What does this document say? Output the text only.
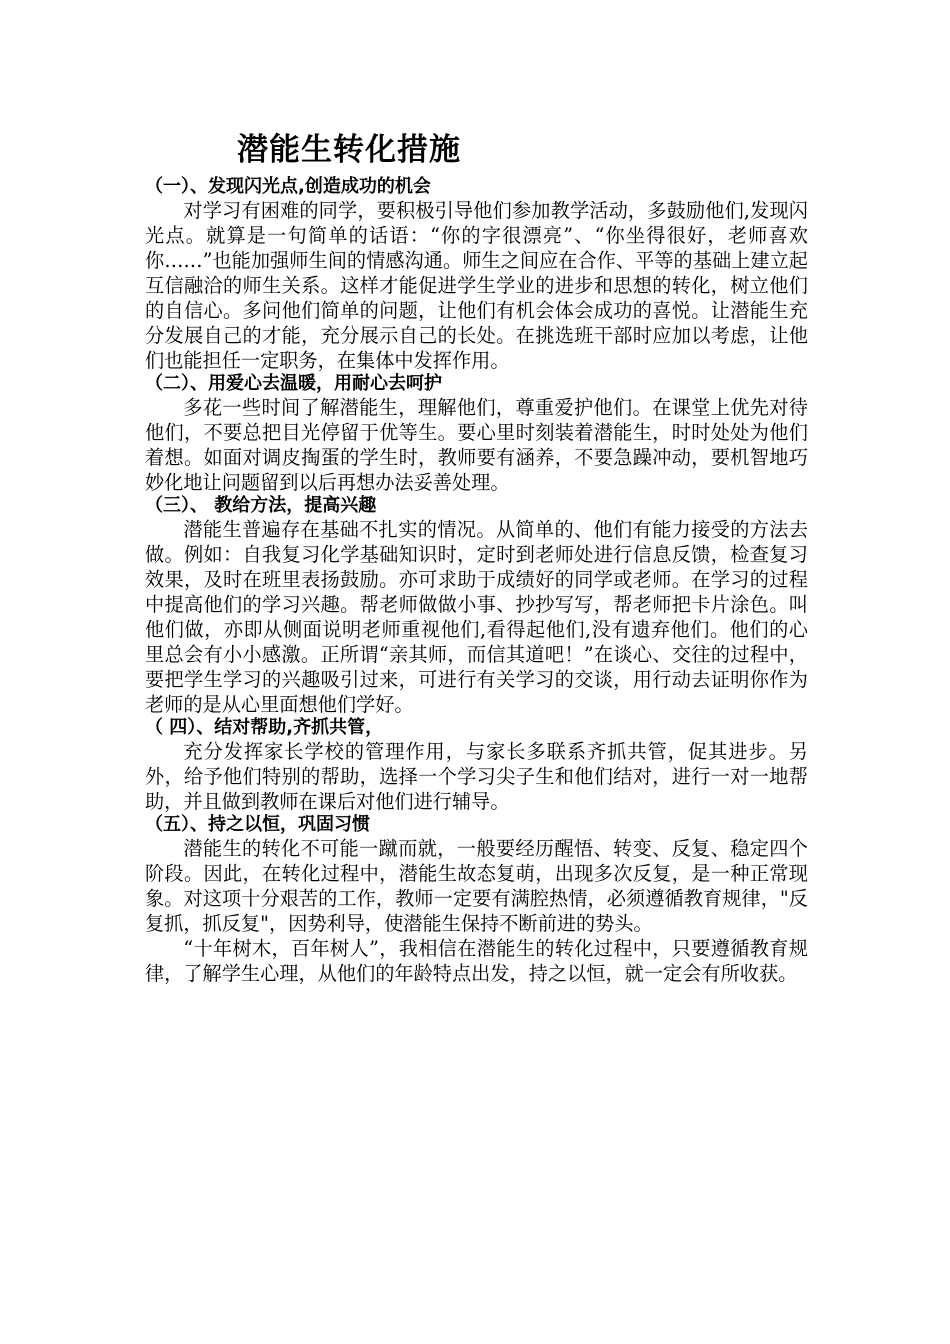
潜能生转化措施
（一）、发现闪光点,创造成功的机会

对学习有困难的同学，要积极引导他们参加教学活动，多鼓励他们,发现闪光点。就算是一句简单的话语：“你的字很漂亮”、“你坐得很好，老师喜欢你……”也能加强师生间的情感沟通。师生之间应在合作、平等的基础上建立起互信融洽的师生关系。这样才能促进学生学业的进步和思想的转化，树立他们的自信心。多问他们简单的问题，让他们有机会体会成功的喜悦。让潜能生充分发展自己的才能，充分展示自己的长处。在挑选班干部时应加以考虑，让他们也能担任一定职务，在集体中发挥作用。

（二）、用爱心去温暖，用耐心去呵护

多花一些时间了解潜能生，理解他们，尊重爱护他们。在课堂上优先对待他们，不要总把目光停留于优等生。要心里时刻装着潜能生，时时处处为他们着想。如面对调皮掏蛋的学生时，教师要有涵养，不要急躁冲动，要机智地巧妙化地让问题留到以后再想办法妥善处理。

（三）、 教给方法，提高兴趣

潜能生普遍存在基础不扎实的情况。从简单的、他们有能力接受的方法去做。例如：自我复习化学基础知识时，定时到老师处进行信息反馈，检查复习效果，及时在班里表扬鼓励。亦可求助于成绩好的同学或老师。在学习的过程中提高他们的学习兴趣。帮老师做做小事、抄抄写写，帮老师把卡片涂色。叫他们做，亦即从侧面说明老师重视他们,看得起他们,没有遗弃他们。他们的心里总会有小小感激。正所谓“亲其师，而信其道吧！”在谈心、交往的过程中，要把学生学习的兴趣吸引过来，可进行有关学习的交谈，用行动去证明你作为老师的是从心里面想他们学好。

（ 四）、结对帮助,齐抓共管，

充分发挥家长学校的管理作用，与家长多联系齐抓共管，促其进步。另外，给予他们特别的帮助，选择一个学习尖子生和他们结对，进行一对一地帮助，并且做到教师在课后对他们进行辅导。

（五）、持之以恒，巩固习惯

潜能生的转化不可能一蹴而就，一般要经历醒悟、转变、反复、稳定四个阶段。因此，在转化过程中，潜能生故态复萌，出现多次反复，是一种正常现象。对这项十分艰苦的工作，教师一定要有满腔热情，必须遵循教育规律，"反复抓，抓反复"，因势利导，使潜能生保持不断前进的势头。

“十年树木，百年树人”，我相信在潜能生的转化过程中，只要遵循教育规律，了解学生心理，从他们的年龄特点出发，持之以恒，就一定会有所收获。
